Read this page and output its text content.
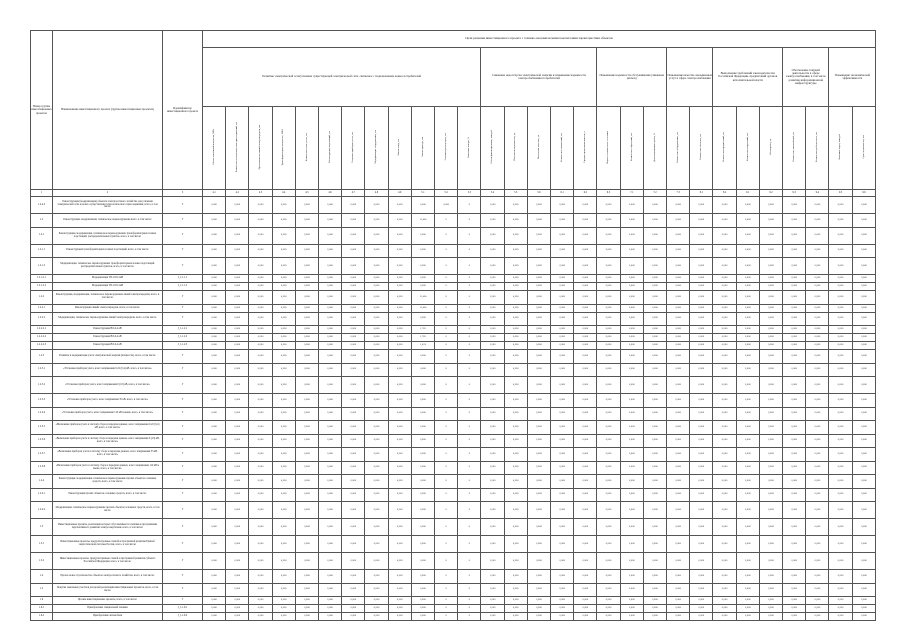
Номер группы инвестиционных проектов	Наименование инвестиционного проекта (группы инвестиционных проектов)	Идентификатор инвестиционного проекта	Цели решения инвестиционного проекта с технико-экономическими показателями характеристики объектов																												
			Развитие электрической сети/усиление существующей электрической сети, связанное с подключением новых потребителей												Снижение недоотпуска электрической энергии и повышение надежности электроснабжения потребителей					Повышение надежности обслуживания (снижение рисков)			Повышение качества оказываемых услуг в сфере электроснабжения		Выполнение требований законодательства Российской Федерации, предписаний органов исполнительной власти			Обеспечение текущей деятельности в сфере электроснабжения, в том числе развитие информационной инфраструктуры		Повышение экономической эффективности	
			Объем заявленной мощности, МВт	Количество технологических присоединений, шт	Протяженность линий электропередачи, км	Трансформаторная мощность, МВА	Количество точек учета, шт	Реконструкция подстанций, шт	Установка приборов учета, шт	Модернизация оборудования, шт	Замена опор, шт	Замена провода, км	Установка реклоузеров, шт	Снижение потерь, %	Объем финансирования, млн руб	Показатель надежности, ед	Показатель качества, ед	Количество отключений, шт	Средняя продолжительность, ч	Индекс технического состояния	Количество обращений, шт	Доля выполненных работ, %	Количество оборудования, шт	Количество объектов, шт	Количество предписаний, шт	Количество нарушений, шт	Объем работ, ед	Количество автомобилей, шт	Количество рабочих мест, шт	Экономия затрат, млн руб	Срок окупаемости, лет
1	2	3	4.1	4.2	4.3	4.4	4.5	4.6	4.7	4.8	4.9	5.1	5.2	5.3	5.4	5.5	5.6	6.1	6.2	6.3	7.1	7.2	7.3	8.1	8.2	9.1	9.2	9.3	9.4	9.5	9.6
1.2.4.3	Реконструкция (модернизация) объектов электросетевого хозяйства для усиления электрической сети в целях осуществления технологического присоединения, всего, в том числе:	Г	0,000	0,000	0,000	0,000	0,000	0,000	0,000	0,000	0,000	0,000	0,000	0	1,000	0,000	0,000	0,000	0,000	0,000	0,000	0,000	0,000	0,000	0,000	0,000	0,000	0,000	0,000	0,000	0,000
1.2	Реконструкция, модернизация, техническое перевооружение всего, в том числе:	Г	0,000	0,000	0,000	0,000	0,000	0,000	0,000	0,000	0,000	11,434	0	0	1,000	0,000	0,000	0,000	0,000	0,000	0,000	0,000	0,000	0,000	0,000	0,000	0,000	0,000	0,000	0,000	0,000
1.2.1	Реконструкция, модернизация, техническое перевооружение трансформаторных и иных подстанций, распределительных пунктов, всего, в том числе:	Г	0,000	0,000	0,000	0,000	0,000	0,000	0,000	0,000	0,000	0,000	0	0	1,000	0,000	0,000	0,000	0,000	0,000	0,000	0,000	0,000	0,000	0,000	0,000	0,000	0,000	0,000	0,000	0,000
1.2.1.1	Реконструкция трансформаторных и иных подстанций, всего, в том числе:	Г	0,000	0,000	0,000	0,000	0,000	0,000	0,000	0,000	0,000	0,000	0	0	1,000	0,000	0,000	0,000	0,000	0,000	0,000	0,000	0,000	0,000	0,000	0,000	0,000	0,000	0,000	0,000	0,000
1.2.1.2	Модернизация, техническое перевооружение трансформаторных и иных подстанций, распределительных пунктов, всего, в том числе:	Г	0,000	0,000	0,000	0,000	0,000	0,000	0,000	0,000	0,000	0,000	0	0	1,000	0,000	0,000	0,000	0,000	0,000	0,000	0,000	0,000	0,000	0,000	0,000	0,000	0,000	0,000	0,000	0,000
1.2.1.2.1	Модернизация ТП-10/0,4 кВ	J_1.1.1.1	0,000	0,000	0,000	0,000	0,000	0,000	0,000	0,000	0,000	0,000	0	0	1,000	0,000	0,000	0,000	0,000	0,000	0,000	0,000	0,000	0,000	0,000	0,000	0,000	0,000	0,000	0,000	0,000
1.2.1.2.2	Модернизация ТП-10/0,4 кВ	J_1.1.1.2	0,000	0,000	0,000	0,000	0,000	0,000	0,000	0,000	0,000	0,000	0	0	1,000	0,000	0,000	0,000	0,000	0,000	0,000	0,000	0,000	0,000	0,000	0,000	0,000	0,000	0,000	0,000	0,000
1.2.2	Реконструкция, модернизация, техническое перевооружение линий электропередачи, всего, в том числе:	Г	0,000	0,000	0,000	0,000	0,000	0,000	0,000	0,000	0,000	11,434	0	0	1,000	0,000	0,000	0,000	0,000	0,000	0,000	0,000	0,000	0,000	0,000	0,000	0,000	0,000	0,000	0,000	0,000
1.2.2.1	Реконструкция линий электропередачи, всего, в том числе:	Г	0,000	0,000	0,000	0,000	0,000	0,000	0,000	0,000	0,000	11,434	0	0	1,000	0,000	0,000	0,000	0,000	0,000	0,000	0,000	0,000	0,000	0,000	0,000	0,000	0,000	0,000	0,000	0,000
1.2.2.2	Модернизация, техническое перевооружение линий электропередачи, всего, в том числе:	Г	0,000	0,000	0,000	0,000	0,000	0,000	0,000	0,000	0,000	0,000	0	0	1,000	0,000	0,000	0,000	0,000	0,000	0,000	0,000	0,000	0,000	0,000	0,000	0,000	0,000	0,000	0,000	0,000
1.2.2.2.1	Реконструкция ВЛ-0,4 кВ	J_1.1.2.1	0,000	0,000	0,000	0,000	0,000	0,000	0,000	0,000	0,000	1,765	0	0	1,000	0,000	0,000	0,000	0,000	0,000	0,000	0,000	0,000	0,000	0,000	0,000	0,000	0,000	0,000	0,000	0,000
1.2.2.2.2	Реконструкция ВЛ-0,4 кВ	J_1.1.2.2	0,000	0,000	0,000	0,000	0,000	0,000	0,000	0,000	0,000	1,765	0	0	1,000	0,000	0,000	0,000	0,000	0,000	0,000	0,000	0,000	0,000	0,000	0,000	0,000	0,000	0,000	0,000	0,000
1.2.2.2.3	Реконструкция ВЛ-0,4 кВ	J_1.1.2.3	0,000	0,000	0,000	0,000	0,000	0,000	0,000	0,000	0,000	1,474	0	0	1,000	0,000	0,000	0,000	0,000	0,000	0,000	0,000	0,000	0,000	0,000	0,000	0,000	0,000	0,000	0,000	0,000
1.2.3	Развитие и модернизация учета электрической энергии (мощности), всего, в том числе:	Г	0,000	0,000	0,000	0,000	0,000	0,000	0,000	0,000	0,000	0,000	0	0	1,000	0,000	0,000	0,000	0,000	0,000	0,000	0,000	0,000	0,000	0,000	0,000	0,000	0,000	0,000	0,000	0,000
1.2.3.1	«Установка приборов учета, класс напряжения 0,22 (0,4) кВ, всего, в том числе»	Г	0,000	0,000	0,000	0,000	0,000	0,000	0,000	0,000	0,000	0,000	0	0	1,000	0,000	0,000	0,000	0,000	0,000	0,000	0,000	0,000	0,000	0,000	0,000	0,000	0,000	0,000	0,000	0,000
1.2.3.2	«Установка приборов учета, класс напряжения 6 (10) кВ, всего, в том числе»	Г	0,000	0,000	0,000	0,000	0,000	0,000	0,000	0,000	0,000	0,000	0	0	1,000	0,000	0,000	0,000	0,000	0,000	0,000	0,000	0,000	0,000	0,000	0,000	0,000	0,000	0,000	0,000	0,000
1.2.3.3	«Установка приборов учета, класс напряжения 35 кВ, всего, в том числе»	Г	0,000	0,000	0,000	0,000	0,000	0,000	0,000	0,000	0,000	0,000	0	0	1,000	0,000	0,000	0,000	0,000	0,000	0,000	0,000	0,000	0,000	0,000	0,000	0,000	0,000	0,000	0,000	0,000
1.2.3.4	«Установка приборов учета, класс напряжения 110 кВ и выше, всего, в том числе»	Г	0,000	0,000	0,000	0,000	0,000	0,000	0,000	0,000	0,000	0,000	0	0	1,000	0,000	0,000	0,000	0,000	0,000	0,000	0,000	0,000	0,000	0,000	0,000	0,000	0,000	0,000	0,000	0,000
1.2.3.5	«Включение приборов учета в систему сбора и передачи данных, класс напряжения 0,22 (0,4) кВ, всего, в том числе»	Г	0,000	0,000	0,000	0,000	0,000	0,000	0,000	0,000	0,000	0,000	0	0	1,000	0,000	0,000	0,000	0,000	0,000	0,000	0,000	0,000	0,000	0,000	0,000	0,000	0,000	0,000	0,000	0,000
1.2.3.6	«Включение приборов учета в систему сбора и передачи данных, класс напряжения 6 (10) кВ, всего, в том числе»	Г	0,000	0,000	0,000	0,000	0,000	0,000	0,000	0,000	0,000	0,000	0	0	1,000	0,000	0,000	0,000	0,000	0,000	0,000	0,000	0,000	0,000	0,000	0,000	0,000	0,000	0,000	0,000	0,000
1.2.3.7	«Включение приборов учета в систему сбора и передачи данных, класс напряжения 35 кВ, всего, в том числе»	Г	0,000	0,000	0,000	0,000	0,000	0,000	0,000	0,000	0,000	0,000	0	0	1,000	0,000	0,000	0,000	0,000	0,000	0,000	0,000	0,000	0,000	0,000	0,000	0,000	0,000	0,000	0,000	0,000
1.2.3.8	«Включение приборов учета в систему сбора и передачи данных, класс напряжения 110 кВ и выше, всего, в том числе»	Г	0,000	0,000	0,000	0,000	0,000	0,000	0,000	0,000	0,000	0,000	0	0	1,000	0,000	0,000	0,000	0,000	0,000	0,000	0,000	0,000	0,000	0,000	0,000	0,000	0,000	0,000	0,000	0,000
1.2.4	Реконструкция, модернизация, техническое перевооружение прочих объектов основных средств, всего, в том числе:	Г	0,000	0,000	0,000	0,000	0,000	0,000	0,000	0,000	0,000	0,000	0	0	1,000	0,000	0,000	0,000	0,000	0,000	0,000	0,000	0,000	0,000	0,000	0,000	0,000	0,000	0,000	0,000	0,000
1.2.4.1	Реконструкция прочих объектов основных средств, всего, в том числе:	Г	0,000	0,000	0,000	0,000	0,000	0,000	0,000	0,000	0,000	0,000	0	0	1,000	0,000	0,000	0,000	0,000	0,000	0,000	0,000	0,000	0,000	0,000	0,000	0,000	0,000	0,000	0,000	0,000
1.2.4.2	Модернизация, техническое перевооружение прочих объектов основных средств, всего, в том числе:	Г	0,000	0,000	0,000	0,000	0,000	0,000	0,000	0,000	0,000	0,000	0	0	1,000	0,000	0,000	0,000	0,000	0,000	0,000	0,000	0,000	0,000	0,000	0,000	0,000	0,000	0,000	0,000	0,000
1.3	Инвестиционные проекты, реализация которых обуславливается схемами и программами перспективного развития электроэнергетики, всего, в том числе:	Г	0,000	0,000	0,000	0,000	0,000	0,000	0,000	0,000	0,000	0,000	0	0	1,000	0,000	0,000	0,000	0,000	0,000	0,000	0,000	0,000	0,000	0,000	0,000	0,000	0,000	0,000	0,000	0,000
1.3.1	Инвестиционные проекты, предусмотренные схемой и программой развития Единой энергетической системы России, всего, в том числе:	Г	0,000	0,000	0,000	0,000	0,000	0,000	0,000	0,000	0,000	0,000	0	0	1,000	0,000	0,000	0,000	0,000	0,000	0,000	0,000	0,000	0,000	0,000	0,000	0,000	0,000	0,000	0,000	0,000
1.3.2	Инвестиционные проекты, предусмотренные схемой и программой развития субъекта Российской Федерации, всего, в том числе:	Г	0,000	0,000	0,000	0,000	0,000	0,000	0,000	0,000	0,000	0,000	0	0	1,000	0,000	0,000	0,000	0,000	0,000	0,000	0,000	0,000	0,000	0,000	0,000	0,000	0,000	0,000	0,000	0,000
1.4	Прочее новое строительство объектов электросетевого хозяйства, всего, в том числе:	Г	0,000	0,000	0,000	0,000	0,000	0,000	0,000	0,000	0,000	0,000	0	0	1,000	0,000	0,000	0,000	0,000	0,000	0,000	0,000	0,000	0,000	0,000	0,000	0,000	0,000	0,000	0,000	0,000
1.5	Покупка земельных участков для целей реализации инвестиционных проектов, всего, в том числе:	Г	0,000	0,000	0,000	0,000	0,000	0,000	0,000	0,000	0,000	0,000	0	0	1,000	0,000	0,000	0,000	0,000	0,000	0,000	0,000	0,000	0,000	0,000	0,000	0,000	0,000	0,000	0,000	0,000
1.6	Прочие инвестиционные проекты, всего, в том числе:	Г	0,000	0,000	0,000	0,000	0,000	0,000	0,000	0,000	0,000	0,000	0	0	1,000	0,000	0,000	0,000	0,000	0,000	0,000	0,000	0,000	0,000	0,000	0,000	0,000	0,000	0,000	0,000	0,000
1.6.1	Приобретение специальной техники	J_1.1.6.1	0,000	0,000	0,000	0,000	0,000	0,000	0,000	0,000	0,000	0,000	0	0	1,000	0,000	0,000	0,000	0,000	0,000	0,000	0,000	0,000	0,000	0,000	0,000	0,000	0,000	0,000	0,000	0,000
1.6.2	Приобретение автомобиля	J_1.1.6.2	0,000	0,000	0,000	0,000	0,000	0,000	0,000	0,000	0,000	0,000	0	0	1,000	0,000	0,000	0,000	0,000	0,000	0,000	0,000	0,000	0,000	0,000	0,000	0,000	0,000	0,000	0,000	0,000
